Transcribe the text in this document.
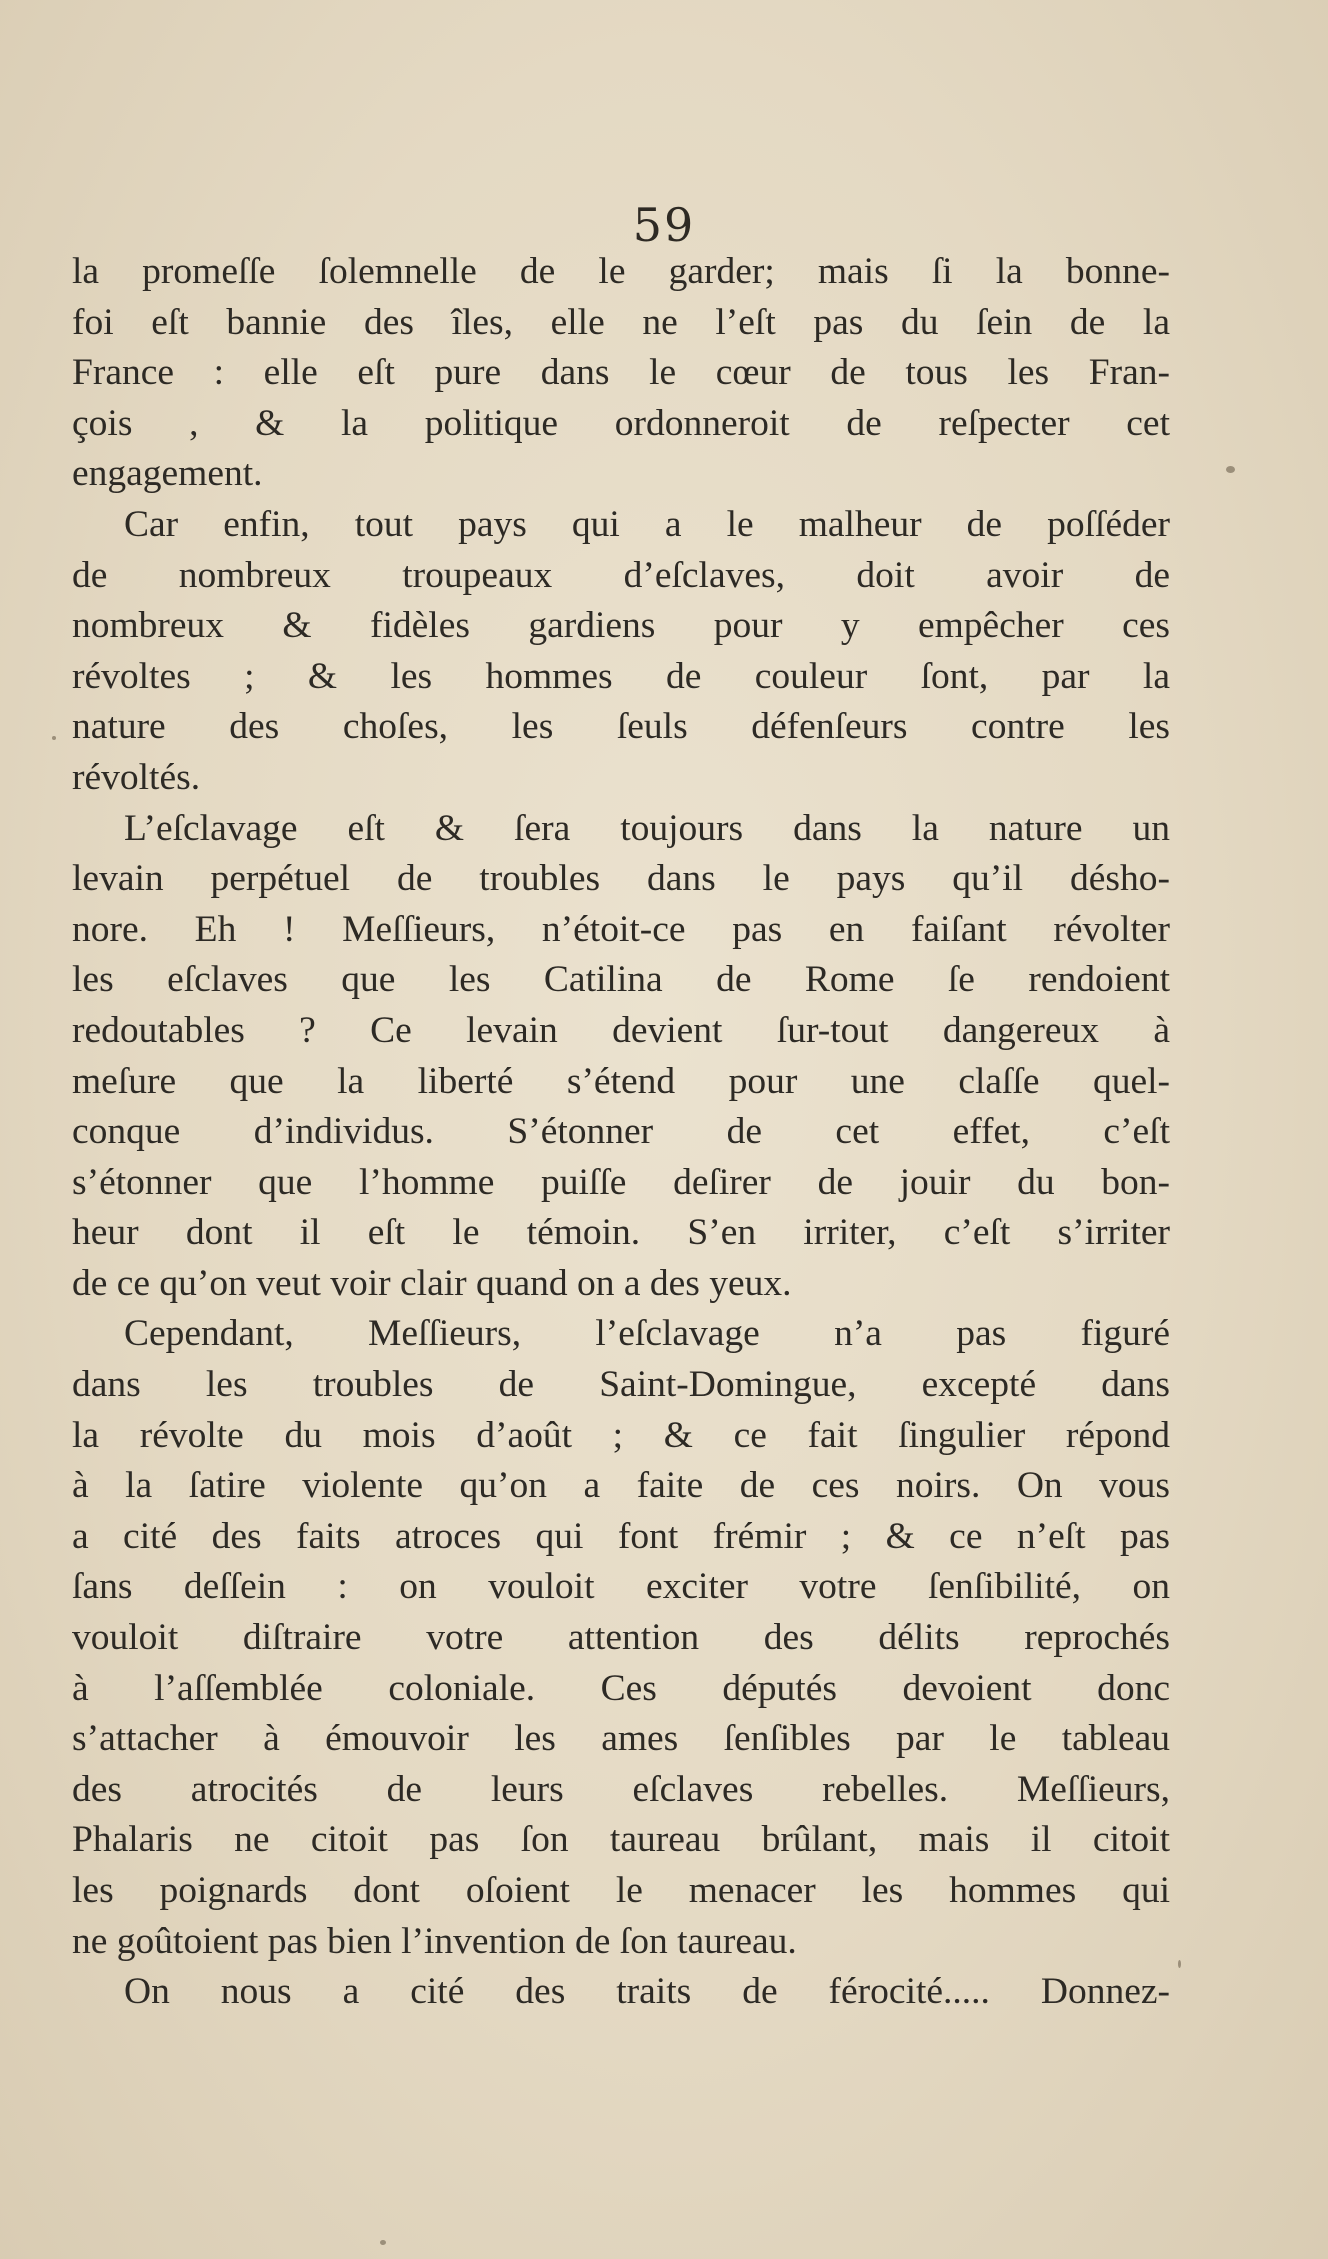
59
la promeſſe ſolemnelle de le garder; mais ſi la bonne-
foi eſt bannie des îles, elle ne l’eſt pas du ſein de la
France : elle eſt pure dans le cœur de tous les Fran-
çois , & la politique ordonneroit de reſpecter cet
engagement.
Car enfin, tout pays qui a le malheur de poſſéder
de nombreux troupeaux d’eſclaves, doit avoir de
nombreux & fidèles gardiens pour y empêcher ces
révoltes ; & les hommes de couleur ſont, par la
nature des choſes, les ſeuls défenſeurs contre les
révoltés.
L’eſclavage eſt & ſera toujours dans la nature un
levain perpétuel de troubles dans le pays qu’il désho-
nore. Eh ! Meſſieurs, n’étoit-ce pas en faiſant révolter
les eſclaves que les Catilina de Rome ſe rendoient
redoutables ? Ce levain devient ſur-tout dangereux à
meſure que la liberté s’étend pour une claſſe quel-
conque d’individus. S’étonner de cet effet, c’eſt
s’étonner que l’homme puiſſe deſirer de jouir du bon-
heur dont il eſt le témoin. S’en irriter, c’eſt s’irriter
de ce qu’on veut voir clair quand on a des yeux.
Cependant, Meſſieurs, l’eſclavage n’a pas figuré
dans les troubles de Saint-Domingue, excepté dans
la révolte du mois d’août ; & ce fait ſingulier répond
à la ſatire violente qu’on a faite de ces noirs. On vous
a cité des faits atroces qui font frémir ; & ce n’eſt pas
ſans deſſein : on vouloit exciter votre ſenſibilité, on
vouloit diſtraire votre attention des délits reprochés
à l’aſſemblée coloniale. Ces députés devoient donc
s’attacher à émouvoir les ames ſenſibles par le tableau
des atrocités de leurs eſclaves rebelles. Meſſieurs,
Phalaris ne citoit pas ſon taureau brûlant, mais il citoit
les poignards dont oſoient le menacer les hommes qui
ne goûtoient pas bien l’invention de ſon taureau.
On nous a cité des traits de férocité..... Donnez-
